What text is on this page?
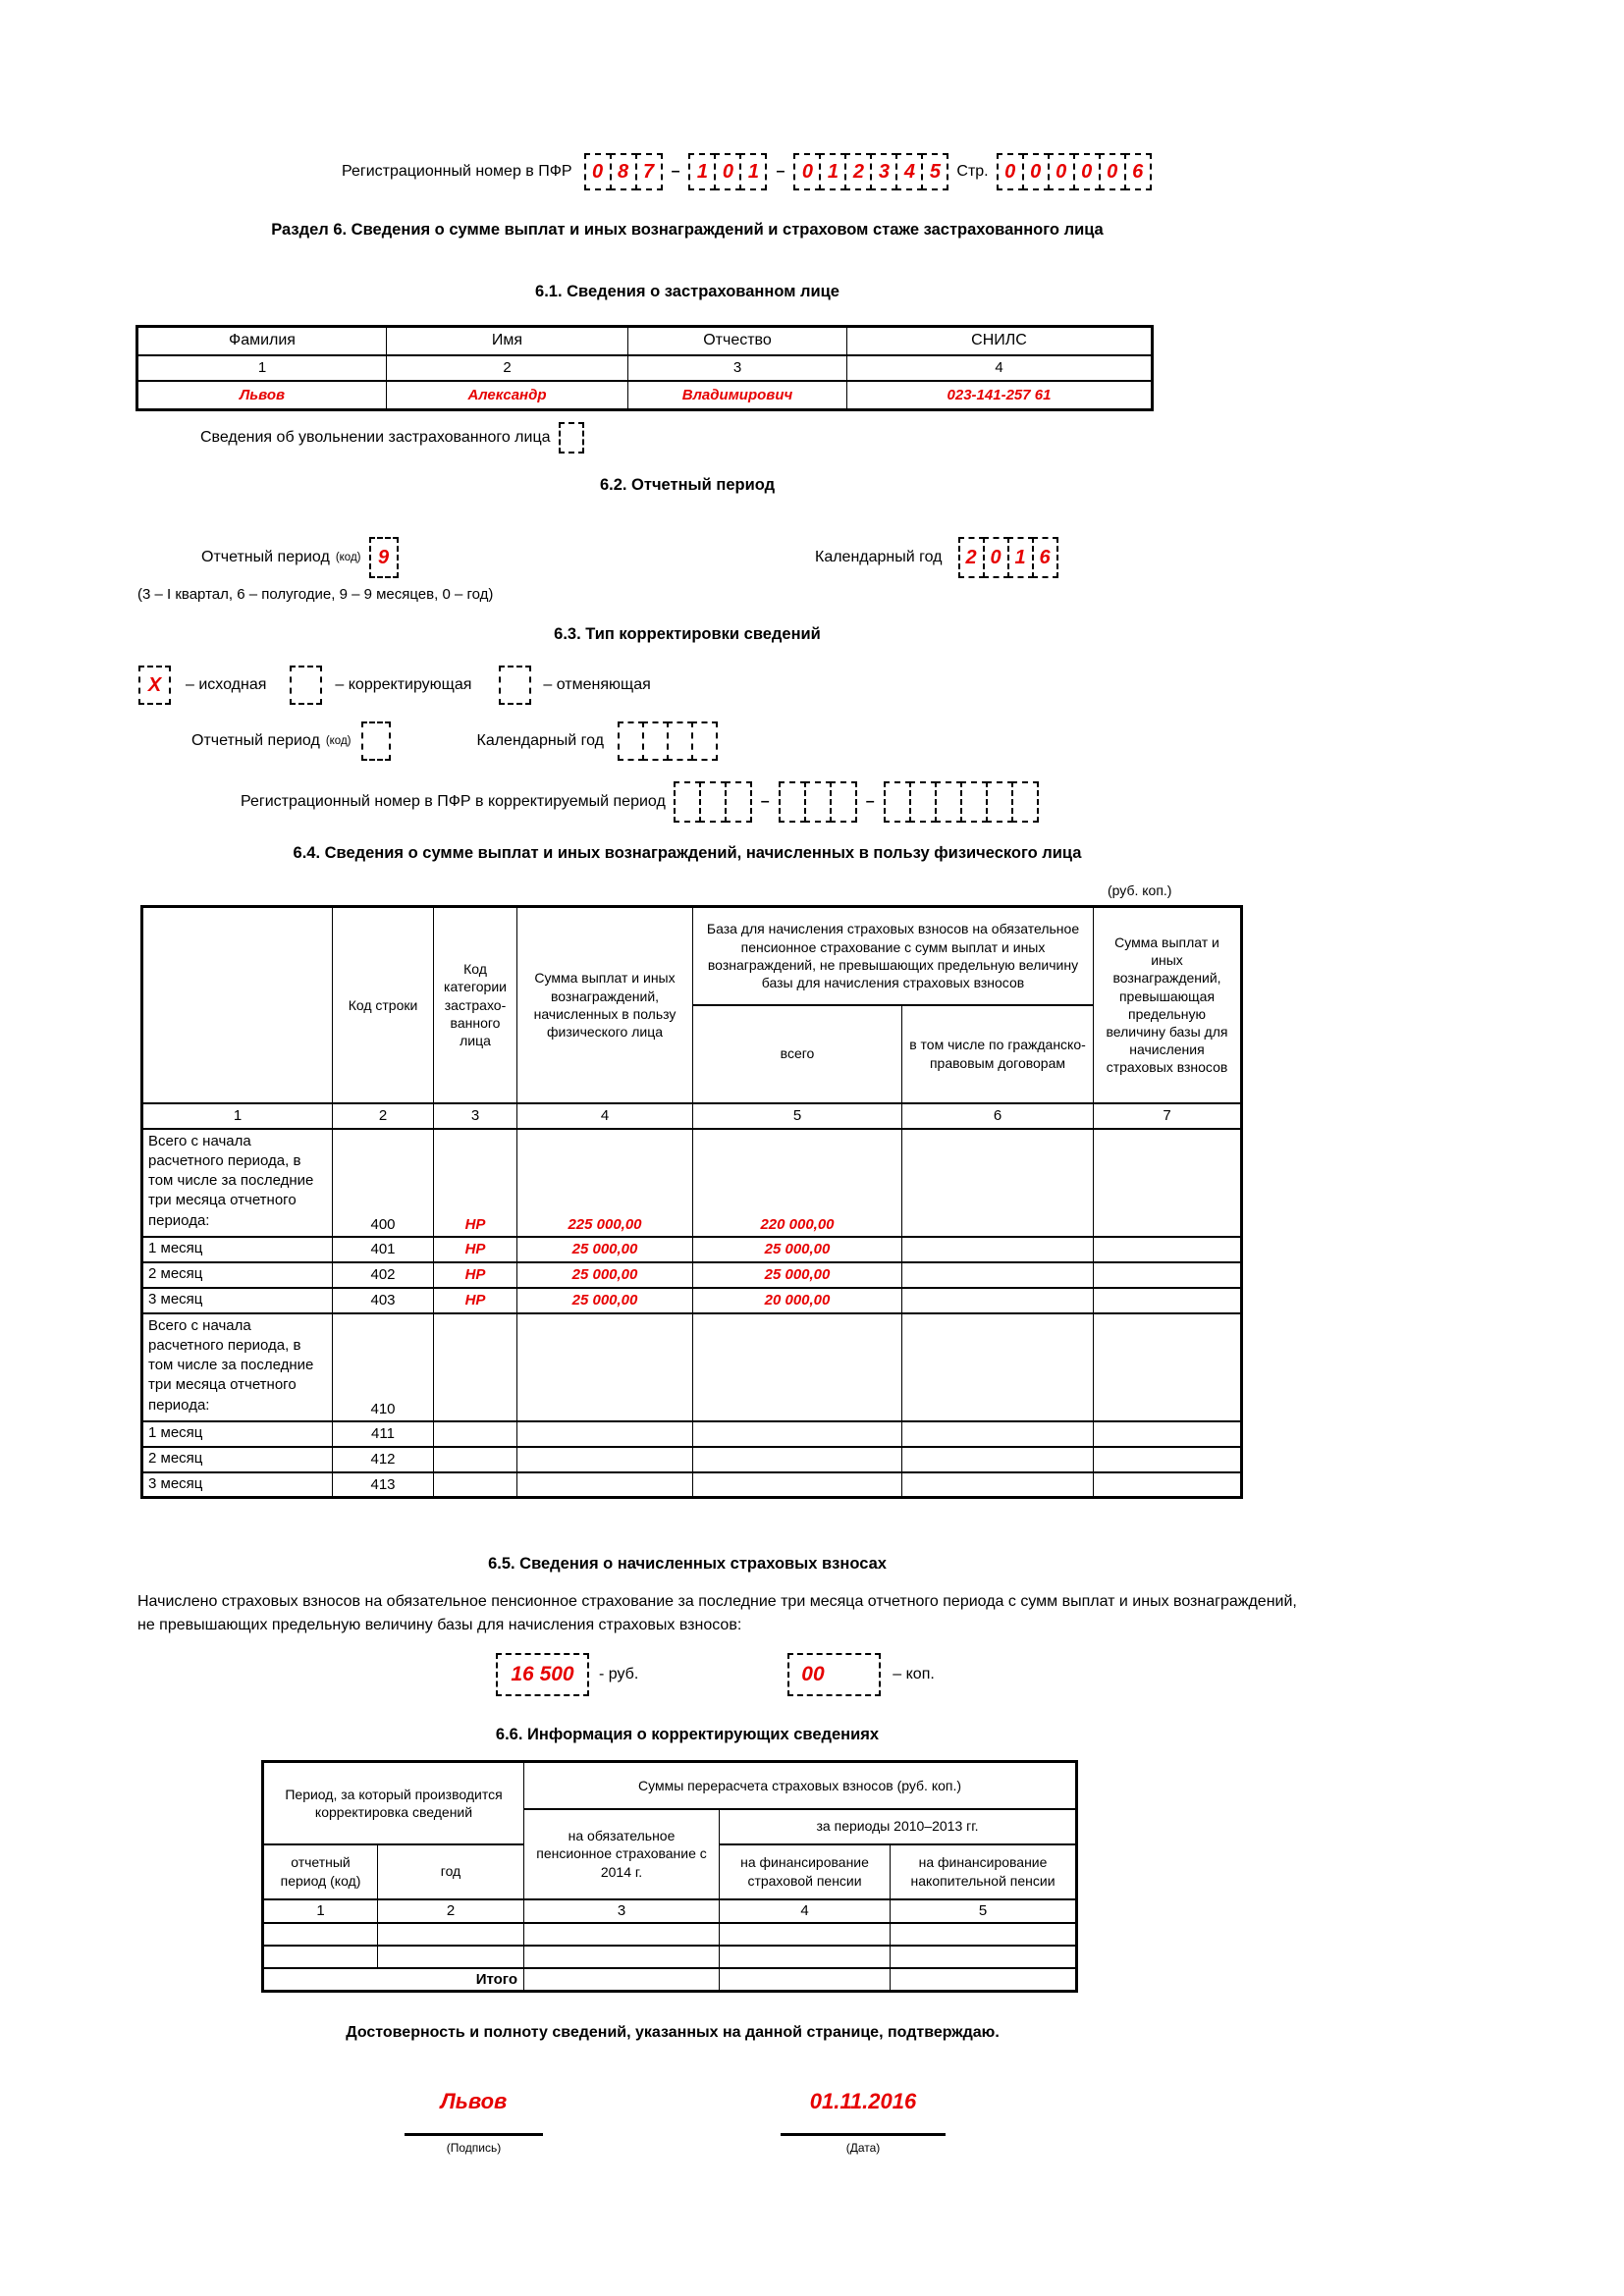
Регистрационный номер в ПФР	0 8 7	– 1 0 1	– 0 1 2 3 4 5	Стр. 0 0 0 0 0 6
Раздел 6. Сведения о сумме выплат и иных вознаграждений и страховом стаже застрахованного лица
6.1. Сведения о застрахованном лице
Фамилия	Имя	Отчество	СНИЛС
1	2	3	4
Львов	Александр	Владимирович	023-141-257 61
Сведения об увольнении застрахованного лица
6.2. Отчетный период
Отчетный период (код) 9	Календарный год	2 0 1 6
(3 – I квартал, 6 – полугодие, 9 – 9 месяцев, 0 – год)
6.3. Тип корректировки сведений
X	– исходная	– корректирующая	– отменяющая
Отчетный период (код)	Календарный год
Регистрационный номер в ПФР в корректируемый период	–	–
6.4. Сведения о сумме выплат и иных вознаграждений, начисленных в пользу физического лица
(руб. коп.)
	Код строки	Код категории застрахо-ванного лица	Сумма выплат и иных вознаграждений, начисленных в пользу физического лица	База для начисления страховых взносов на обязательное пенсионное страхование с сумм выплат и иных вознаграждений, не превышающих предельную величину базы для начисления страховых взносов		Сумма выплат и иных вознаграждений, превышающая предельную величину базы для начисления страховых взносов
				всего	в том числе по гражданско-правовым договорам	
1	2	3	4	5	6	7
Всего с начала расчетного периода, в том числе за последние три месяца отчетного периода:	400	НР	225 000,00	220 000,00		
1 месяц	401	НР	25 000,00	25 000,00		
2 месяц	402	НР	25 000,00	25 000,00		
3 месяц	403	НР	25 000,00	20 000,00		
Всего с начала расчетного периода, в том числе за последние три месяца отчетного периода:	410					
1 месяц	411					
2 месяц	412					
3 месяц	413					
6.5. Сведения о начисленных страховых взносах
Начислено страховых взносов на обязательное пенсионное страхование за последние три месяца отчетного периода с сумм выплат и иных вознаграждений, не превышающих предельную величину базы для начисления страховых взносов:
16 500	- руб.	00	– коп.
6.6. Информация о корректирующих сведениях
Период, за который производится корректировка сведений		Суммы перерасчета страховых взносов (руб. коп.)		
		на обязательное пенсионное страхование с 2014 г.	за периоды 2010–2013 гг.	
отчетный период (код)	год		на финансирование страховой пенсии	на финансирование накопительной пенсии
1	2	3	4	5

Итого				
Достоверность и полноту сведений, указанных на данной странице, подтверждаю.
Львов
(Подпись)
01.11.2016
(Дата)
